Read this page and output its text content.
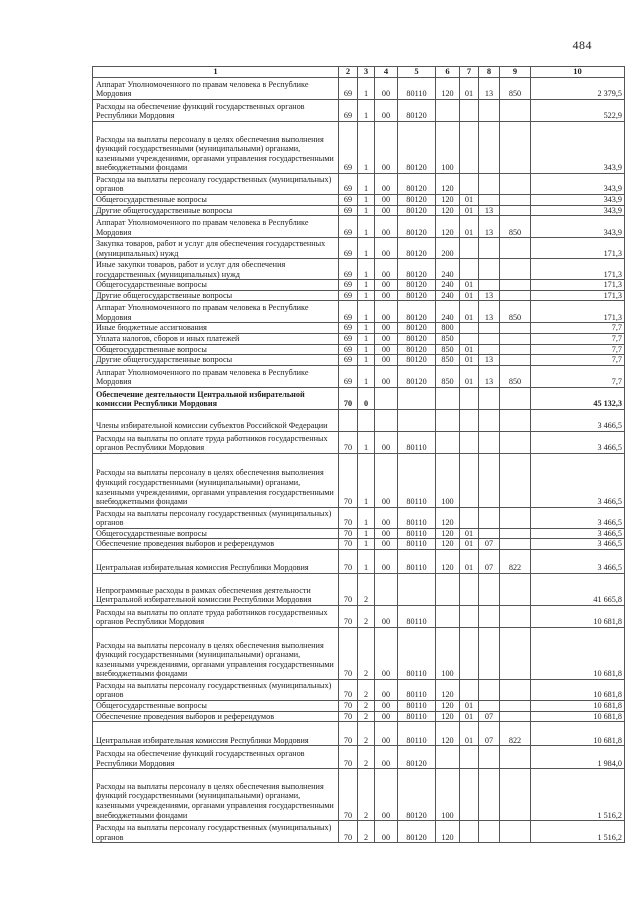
484
1	2	3	4	5	6	7	8	9	10
Аппарат Уполномоченного по правам человека в Республике Мордовия	69	1	00	80110	120	01	13	850	2 379,5
Расходы на обеспечение функций государственных органов Республики Мордовия	69	1	00	80120					522,9
Расходы на выплаты персоналу в целях обеспечения выполнения функций государственными (муниципальными) органами, казенными учреждениями, органами управления государственными внебюджетными фондами	69	1	00	80120	100				343,9
Расходы на выплаты персоналу государственных (муниципальных) органов	69	1	00	80120	120				343,9
Общегосударственные вопросы	69	1	00	80120	120	01			343,9
Другие общегосударственные вопросы	69	1	00	80120	120	01	13		343,9
Аппарат Уполномоченного по правам человека в Республике Мордовия	69	1	00	80120	120	01	13	850	343,9
Закупка товаров, работ и услуг для обеспечения государственных (муниципальных) нужд	69	1	00	80120	200				171,3
Иные закупки товаров, работ и услуг для обеспечения государственных (муниципальных) нужд	69	1	00	80120	240				171,3
Общегосударственные вопросы	69	1	00	80120	240	01			171,3
Другие общегосударственные вопросы	69	1	00	80120	240	01	13		171,3
Аппарат Уполномоченного по правам человека в Республике Мордовия	69	1	00	80120	240	01	13	850	171,3
Иные бюджетные ассигнования	69	1	00	80120	800				7,7
Уплата налогов, сборов и иных платежей	69	1	00	80120	850				7,7
Общегосударственные вопросы	69	1	00	80120	850	01			7,7
Другие общегосударственные вопросы	69	1	00	80120	850	01	13		7,7
Аппарат Уполномоченного по правам человека в Республике Мордовия	69	1	00	80120	850	01	13	850	7,7
Обеспечение деятельности Центральной избирательной комиссии Республики Мордовия	70	0							45 132,3
Члены избирательной комиссии субъектов Российской Федерации									3 466,5
Расходы на выплаты по оплате труда работников государственных органов Республики Мордовия	70	1	00	80110					3 466,5
Расходы на выплаты персоналу в целях обеспечения выполнения функций государственными (муниципальными) органами, казенными учреждениями, органами управления государственными внебюджетными фондами	70	1	00	80110	100				3 466,5
Расходы на выплаты персоналу государственных (муниципальных) органов	70	1	00	80110	120				3 466,5
Общегосударственные вопросы	70	1	00	80110	120	01			3 466,5
Обеспечение проведения выборов и референдумов	70	1	00	80110	120	01	07		3 466,5
Центральная избирательная комиссия Республики Мордовия	70	1	00	80110	120	01	07	822	3 466,5
Непрограммные расходы в рамках обеспечения деятельности Центральной избирательной комиссии Республики Мордовия	70	2							41 665,8
Расходы на выплаты по оплате труда работников государственных органов Республики Мордовия	70	2	00	80110					10 681,8
Расходы на выплаты персоналу в целях обеспечения выполнения функций государственными (муниципальными) органами, казенными учреждениями, органами управления государственными внебюджетными фондами	70	2	00	80110	100				10 681,8
Расходы на выплаты персоналу государственных (муниципальных) органов	70	2	00	80110	120				10 681,8
Общегосударственные вопросы	70	2	00	80110	120	01			10 681,8
Обеспечение проведения выборов и референдумов	70	2	00	80110	120	01	07		10 681,8
Центральная избирательная комиссия Республики Мордовия	70	2	00	80110	120	01	07	822	10 681,8
Расходы на обеспечение функций государственных органов Республики Мордовия	70	2	00	80120					1 984,0
Расходы на выплаты персоналу в целях обеспечения выполнения функций государственными (муниципальными) органами, казенными учреждениями, органами управления государственными внебюджетными фондами	70	2	00	80120	100				1 516,2
Расходы на выплаты персоналу государственных (муниципальных) органов	70	2	00	80120	120				1 516,2
